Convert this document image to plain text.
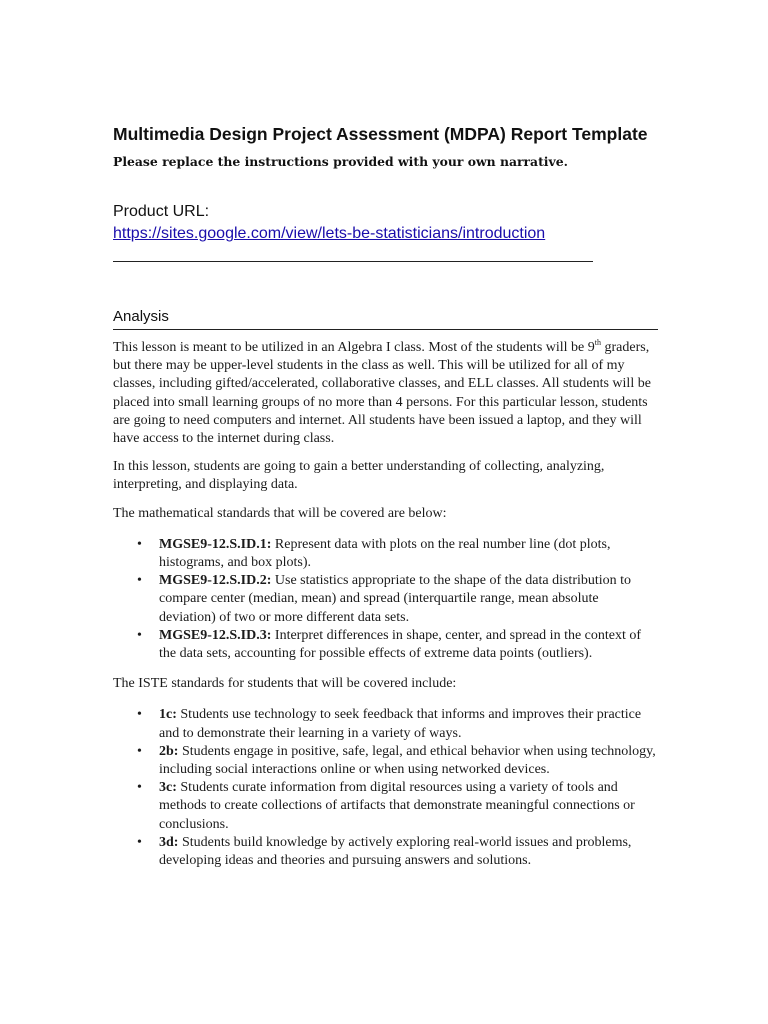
Multimedia Design Project Assessment (MDPA) Report Template
Please replace the instructions provided with your own narrative.
Product URL:
https://sites.google.com/view/lets-be-statisticians/introduction
Analysis

This lesson is meant to be utilized in an Algebra I class. Most of the students will be 9th graders, but there may be upper-level students in the class as well. This will be utilized for all of my classes, including gifted/accelerated, collaborative classes, and ELL classes. All students will be placed into small learning groups of no more than 4 persons. For this particular lesson, students are going to need computers and internet. All students have been issued a laptop, and they will have access to the internet during class.

In this lesson, students are going to gain a better understanding of collecting, analyzing, interpreting, and displaying data.

The mathematical standards that will be covered are below:

• MGSE9-12.S.ID.1: Represent data with plots on the real number line (dot plots, histograms, and box plots).
• MGSE9-12.S.ID.2: Use statistics appropriate to the shape of the data distribution to compare center (median, mean) and spread (interquartile range, mean absolute deviation) of two or more different data sets.
• MGSE9-12.S.ID.3: Interpret differences in shape, center, and spread in the context of the data sets, accounting for possible effects of extreme data points (outliers).

The ISTE standards for students that will be covered include:

• 1c: Students use technology to seek feedback that informs and improves their practice and to demonstrate their learning in a variety of ways.
• 2b: Students engage in positive, safe, legal, and ethical behavior when using technology, including social interactions online or when using networked devices.
• 3c: Students curate information from digital resources using a variety of tools and methods to create collections of artifacts that demonstrate meaningful connections or conclusions.
• 3d: Students build knowledge by actively exploring real-world issues and problems, developing ideas and theories and pursuing answers and solutions.
